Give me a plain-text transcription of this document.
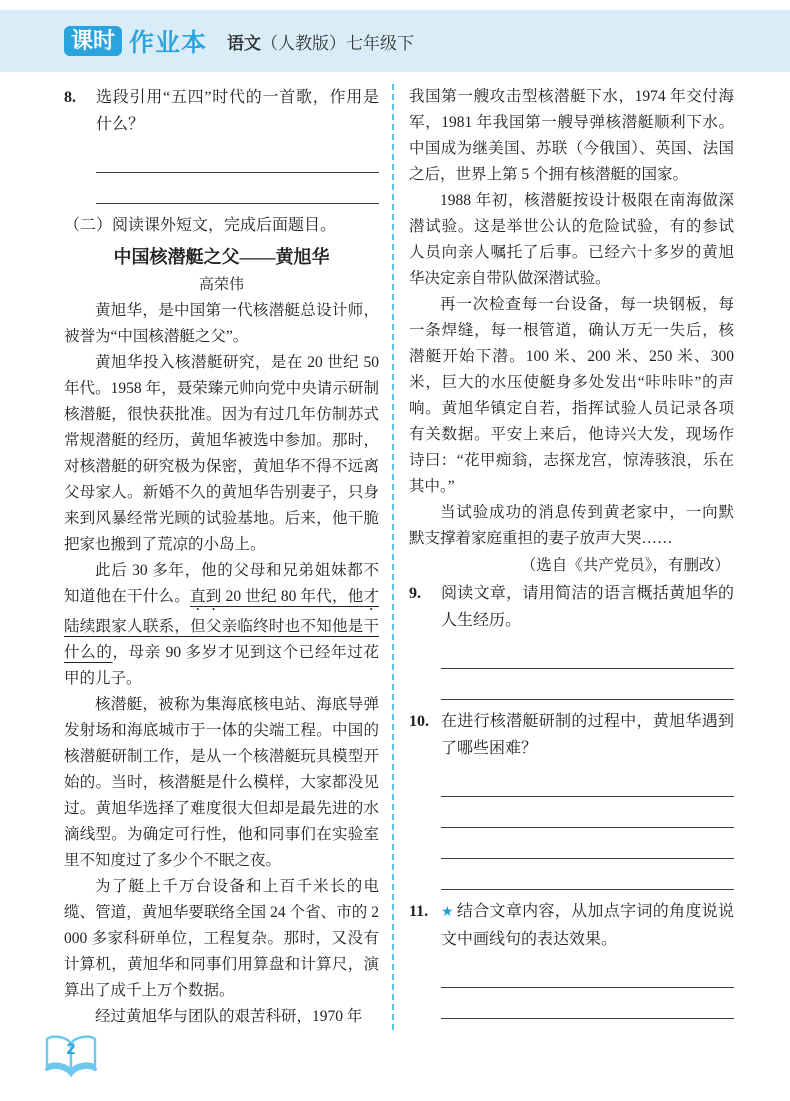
课时 作业本 语文（人教版）七年级下
8.	选段引用“五四”时代的一首歌，作用是什么？
（二）阅读课外短文，完成后面题目。
中国核潜艇之父——黄旭华
高荣伟

黄旭华，是中国第一代核潜艇总设计师，被誉为“中国核潜艇之父”。

黄旭华投入核潜艇研究，是在 20 世纪 50 年代。1958 年，聂荣臻元帅向党中央请示研制核潜艇，很快获批准。因为有过几年仿制苏式常规潜艇的经历，黄旭华被选中参加。那时，对核潜艇的研究极为保密，黄旭华不得不远离父母家人。新婚不久的黄旭华告别妻子，只身来到风暴经常光顾的试验基地。后来，他干脆把家也搬到了荒凉的小岛上。

此后 30 多年，他的父母和兄弟姐妹都不知道他在干什么。直到 20 世纪 80 年代，他才陆续跟家人联系，但父亲临终时也不知他是干什么的，母亲 90 多岁才见到这个已经年过花甲的儿子。

核潜艇，被称为集海底核电站、海底导弹发射场和海底城市于一体的尖端工程。中国的核潜艇研制工作，是从一个核潜艇玩具模型开始的。当时，核潜艇是什么模样，大家都没见过。黄旭华选择了难度很大但却是最先进的水滴线型。为确定可行性，他和同事们在实验室里不知度过了多少个不眠之夜。

为了艇上千万台设备和上百千米长的电缆、管道，黄旭华要联络全国 24 个省、市的 2 000 多家科研单位，工程复杂。那时，又没有计算机，黄旭华和同事们用算盘和计算尺，演算出了成千上万个数据。

经过黄旭华与团队的艰苦科研，1970 年

我国第一艘攻击型核潜艇下水，1974 年交付海军，1981 年我国第一艘导弹核潜艇顺利下水。中国成为继美国、苏联（今俄国）、英国、法国之后，世界上第 5 个拥有核潜艇的国家。

1988 年初，核潜艇按设计极限在南海做深潜试验。这是举世公认的危险试验，有的参试人员向亲人嘱托了后事。已经六十多岁的黄旭华决定亲自带队做深潜试验。

再一次检查每一台设备，每一块钢板，每一条焊缝，每一根管道，确认万无一失后，核潜艇开始下潜。100 米、200 米、250 米、300 米，巨大的水压使艇身多处发出“咔咔咔”的声响。黄旭华镇定自若，指挥试验人员记录各项有关数据。平安上来后，他诗兴大发，现场作诗曰：“花甲痴翁，志探龙宫，惊涛骇浪，乐在其中。”

当试验成功的消息传到黄老家中，一向默默支撑着家庭重担的妻子放声大哭……

（选自《共产党员》，有删改）
9.	阅读文章，请用简洁的语言概括黄旭华的人生经历。
10. 在进行核潜艇研制的过程中，黄旭华遇到了哪些困难？
11. ★ 结合文章内容，从加点字词的角度说说文中画线句的表达效果。
2
